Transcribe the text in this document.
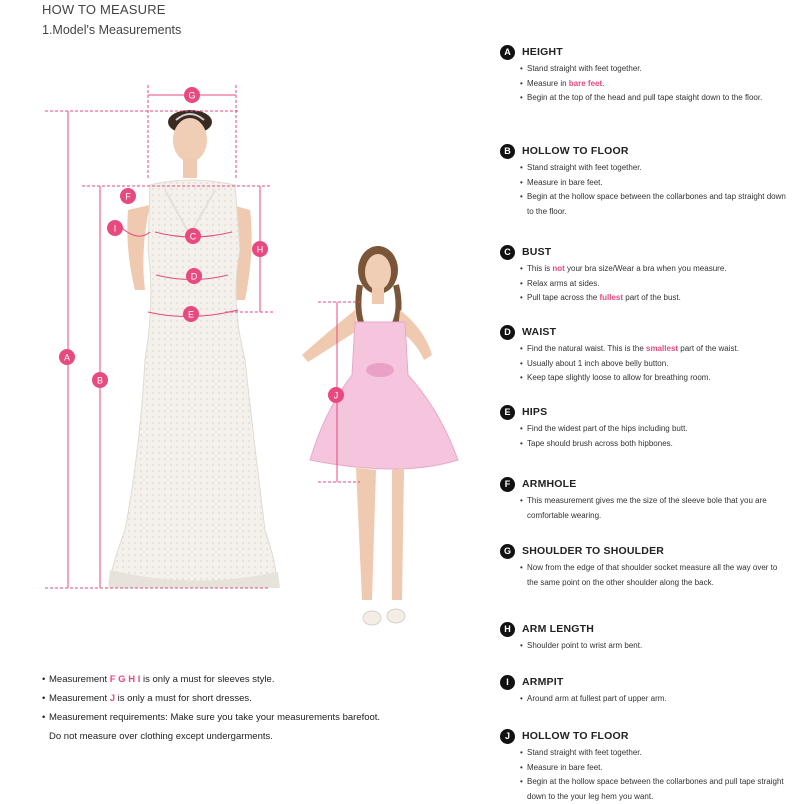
HOW TO MEASURE
1.Model's Measurements
A
B
C
D
E
F
G
H
I
J
A	HEIGHT
• Stand straight with feet together.
• Measure in bare feet.
• Begin at the top of the head and pull tape staight down to the floor.
B	HOLLOW TO FLOOR
• Stand straight with feet together.
• Measure in bare feet.
• Begin at the hollow space between the collarbones and tap straight down to the floor.
C	BUST
• This is not your bra size/Wear a bra when you measure.
• Relax arms at sides.
• Pull tape across the fullest part of the bust.
D	WAIST
• Find the natural waist. This is the smallest part of the waist.
• Usually about 1 inch above belly button.
• Keep tape slightly loose to allow for breathing room.
E	HIPS
• Find the widest part of the hips including butt.
• Tape should brush across both hipbones.
F	ARMHOLE
• This measurement gives me the size of the sleeve bole that you are comfortable wearing.
G	SHOULDER TO SHOULDER
• Now from the edge of that shoulder socket measure all the way over to the same point on the other shoulder along the back.
H	ARM LENGTH
• Shoulder point to wrist arm bent.
I	ARMPIT
• Around arm at fullest part of upper arm.
J	HOLLOW TO FLOOR
• Stand straight with feet together.
• Measure in bare feet.
• Begin at the hollow space between the collarbones and pull tape straight down to the your leg hem you want.
• Measurement F G H I is only a must for sleeves style.
• Measurement J is only a must for short dresses.
• Measurement requirements: Make sure you take your measurements barefoot.
Do not measure over clothing except undergarments.
